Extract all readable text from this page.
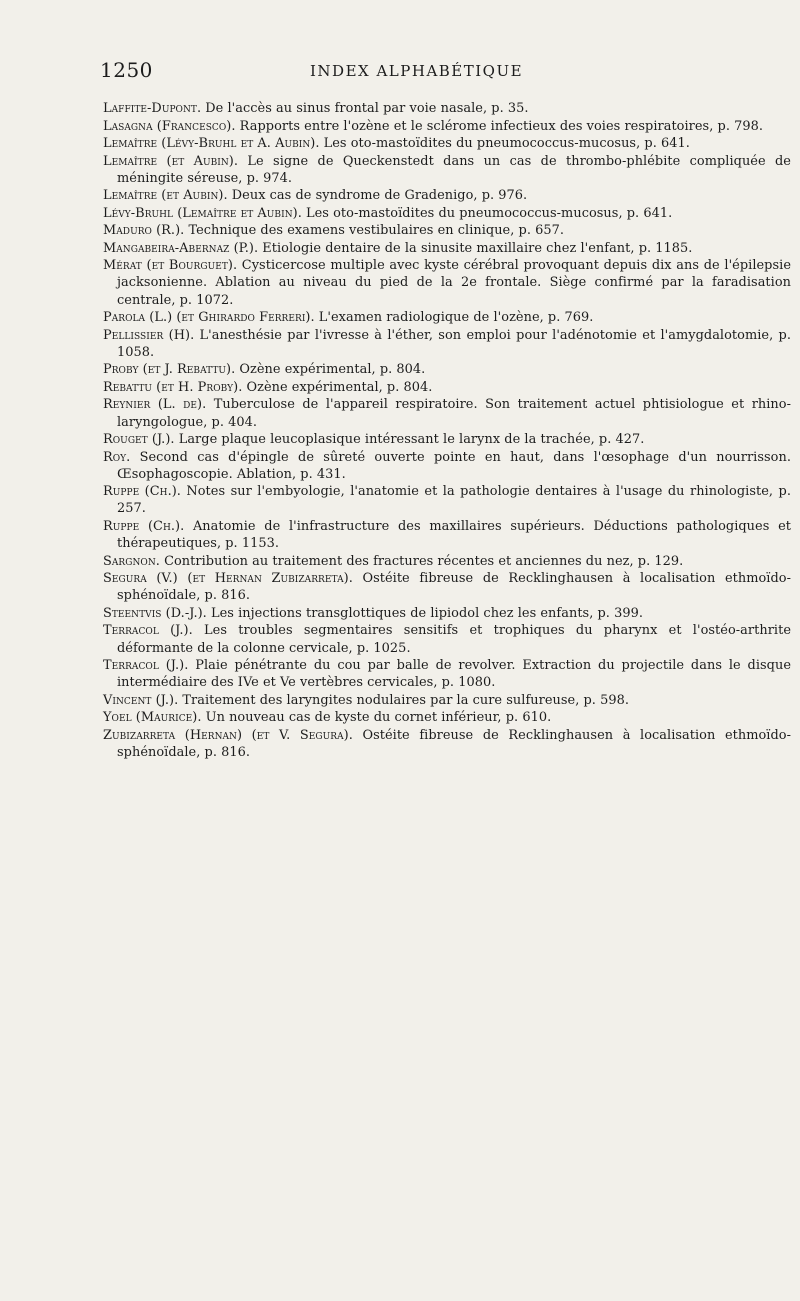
1250	INDEX ALPHABÉTIQUE

Laffite-Dupont. De l'accès au sinus frontal par voie nasale, p. 35.

Lasagna (Francesco). Rapports entre l'ozène et le sclérome infectieux des voies respiratoires, p. 798.

Lemaître (Lévy-Bruhl et A. Aubin). Les oto-mastoïdites du pneumococcus-mucosus, p. 641.

Lemaître (et Aubin). Le signe de Queckenstedt dans un cas de thrombo-phlébite compliquée de méningite séreuse, p. 974.

Lemaître (et Aubin). Deux cas de syndrome de Gradenigo, p. 976.

Lévy-Bruhl (Lemaître et Aubin). Les oto-mastoïdites du pneumococcus-mucosus, p. 641.

Maduro (R.). Technique des examens vestibulaires en clinique, p. 657.

Mangabeira-Abernaz (P.). Etiologie dentaire de la sinusite maxillaire chez l'enfant, p. 1185.

Mérat (et Bourguet). Cysticercose multiple avec kyste cérébral provoquant depuis dix ans de l'épilepsie jacksonienne. Ablation au niveau du pied de la 2e frontale. Siège confirmé par la faradisation centrale, p. 1072.

Parola (L.) (et Ghirardo Ferreri). L'examen radiologique de l'ozène, p. 769.

Pellissier (H). L'anesthésie par l'ivresse à l'éther, son emploi pour l'adénotomie et l'amygdalotomie, p. 1058.

Proby (et J. Rebattu). Ozène expérimental, p. 804.

Rebattu (et H. Proby). Ozène expérimental, p. 804.

Reynier (L. de). Tuberculose de l'appareil respiratoire. Son traitement actuel phtisiologue et rhino-laryngologue, p. 404.

Rouget (J.). Large plaque leucoplasique intéressant le larynx de la trachée, p. 427.

Roy. Second cas d'épingle de sûreté ouverte pointe en haut, dans l'œsophage d'un nourrisson. Œsophagoscopie. Ablation, p. 431.

Ruppe (Ch.). Notes sur l'embyologie, l'anatomie et la pathologie dentaires à l'usage du rhinologiste, p. 257.

Ruppe (Ch.). Anatomie de l'infrastructure des maxillaires supérieurs. Déductions pathologiques et thérapeutiques, p. 1153.

Sargnon. Contribution au traitement des fractures récentes et anciennes du nez, p. 129.

Segura (V.) (et Hernan Zubizarreta). Ostéite fibreuse de Recklinghausen à localisation ethmoïdo-sphénoïdale, p. 816.

Steentvis (D.-J.). Les injections transglottiques de lipiodol chez les enfants, p. 399.

Terracol (J.). Les troubles segmentaires sensitifs et trophiques du pharynx et l'ostéo-arthrite déformante de la colonne cervicale, p. 1025.

Terracol (J.). Plaie pénétrante du cou par balle de revolver. Extraction du projectile dans le disque intermédiaire des IVe et Ve vertèbres cervicales, p. 1080.

Vincent (J.). Traitement des laryngites nodulaires par la cure sulfureuse, p. 598.

Yoel (Maurice). Un nouveau cas de kyste du cornet inférieur, p. 610.

Zubizarreta (Hernan) (et V. Segura). Ostéite fibreuse de Recklinghausen à localisation ethmoïdo-sphénoïdale, p. 816.
